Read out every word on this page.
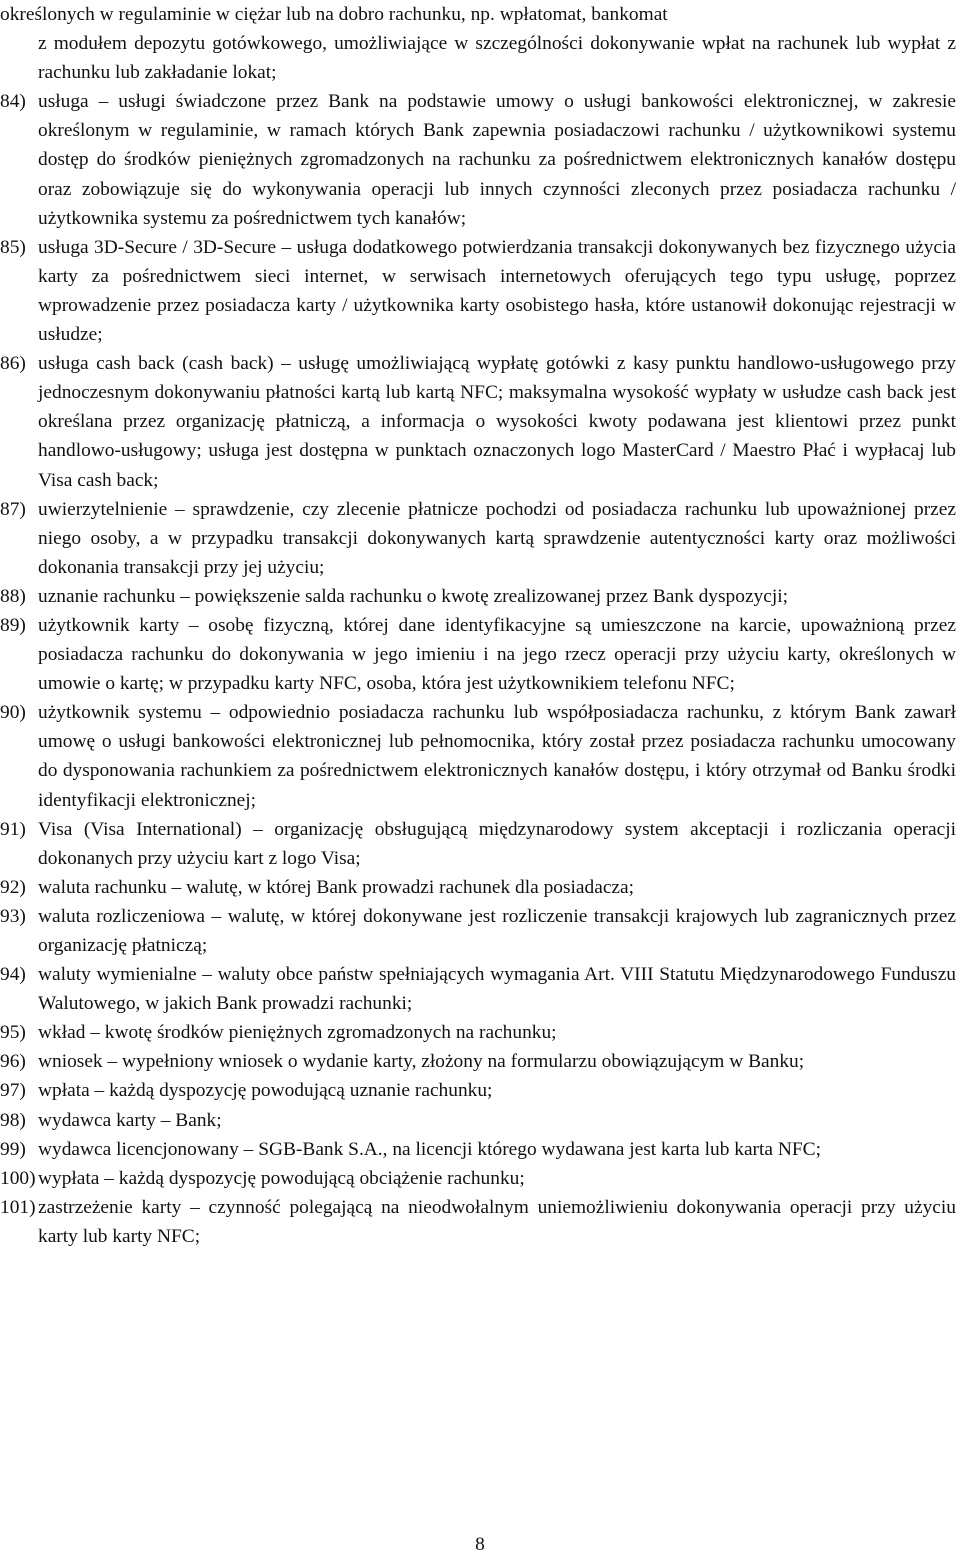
określonych w regulaminie w ciężar lub na dobro rachunku, np. wpłatomat, bankomat

z modułem depozytu gotówkowego, umożliwiające w szczególności dokonywanie wpłat na rachunek lub wypłat z rachunku lub zakładanie lokat;

84) usługa – usługi świadczone przez Bank na podstawie umowy o usługi bankowości elektronicznej, w zakresie określonym w regulaminie, w ramach których Bank zapewnia posiadaczowi rachunku / użytkownikowi systemu dostęp do środków pieniężnych zgromadzonych na rachunku za pośrednictwem elektronicznych kanałów dostępu oraz zobowiązuje się do wykonywania operacji lub innych czynności zleconych przez posiadacza rachunku / użytkownika systemu za pośrednictwem tych kanałów;
85) usługa 3D-Secure / 3D-Secure – usługa dodatkowego potwierdzania transakcji dokonywanych bez fizycznego użycia karty za pośrednictwem sieci internet, w serwisach internetowych oferujących tego typu usługę, poprzez wprowadzenie przez posiadacza karty / użytkownika karty osobistego hasła, które ustanowił dokonując rejestracji w usłudze;
86) usługa cash back (cash back) – usługę umożliwiającą wypłatę gotówki z kasy punktu handlowo-usługowego przy jednoczesnym dokonywaniu płatności kartą lub kartą NFC; maksymalna wysokość wypłaty w usłudze cash back jest określana przez organizację płatniczą, a informacja o wysokości kwoty podawana jest klientowi przez punkt handlowo-usługowy; usługa jest dostępna w punktach oznaczonych logo MasterCard / Maestro Płać i wypłacaj lub Visa cash back;
87) uwierzytelnienie – sprawdzenie, czy zlecenie płatnicze pochodzi od posiadacza rachunku lub upoważnionej przez niego osoby, a w przypadku transakcji dokonywanych kartą sprawdzenie autentyczności karty oraz możliwości dokonania transakcji przy jej użyciu;
88) uznanie rachunku – powiększenie salda rachunku o kwotę zrealizowanej przez Bank dyspozycji;
89) użytkownik karty – osobę fizyczną, której dane identyfikacyjne są umieszczone na karcie, upoważnioną przez posiadacza rachunku do dokonywania w jego imieniu i na jego rzecz operacji przy użyciu karty, określonych w umowie o kartę; w przypadku karty NFC, osoba, która jest użytkownikiem telefonu NFC;
90) użytkownik systemu – odpowiednio posiadacza rachunku lub współposiadacza rachunku, z którym Bank zawarł umowę o usługi bankowości elektronicznej lub pełnomocnika, który został przez posiadacza rachunku umocowany do dysponowania rachunkiem za pośrednictwem elektronicznych kanałów dostępu, i który otrzymał od Banku środki identyfikacji elektronicznej;
91) Visa (Visa International) – organizację obsługującą międzynarodowy system akceptacji i rozliczania operacji dokonanych przy użyciu kart z logo Visa;
92) waluta rachunku – walutę, w której Bank prowadzi rachunek dla posiadacza;
93) waluta rozliczeniowa – walutę, w której dokonywane jest rozliczenie transakcji krajowych lub zagranicznych przez organizację płatniczą;
94) waluty wymienialne – waluty obce państw spełniających wymagania Art. VIII Statutu Międzynarodowego Funduszu Walutowego, w jakich Bank prowadzi rachunki;
95) wkład – kwotę środków pieniężnych zgromadzonych na rachunku;
96) wniosek – wypełniony wniosek o wydanie karty, złożony na formularzu obowiązującym w Banku;
97) wpłata – każdą dyspozycję powodującą uznanie rachunku;
98) wydawca karty – Bank;
99) wydawca licencjonowany – SGB-Bank S.A., na licencji którego wydawana jest karta lub karta NFC;
100) wypłata – każdą dyspozycję powodującą obciążenie rachunku;
101) zastrzeżenie karty – czynność polegającą na nieodwołalnym uniemożliwieniu dokonywania operacji przy użyciu karty lub karty NFC;
8
